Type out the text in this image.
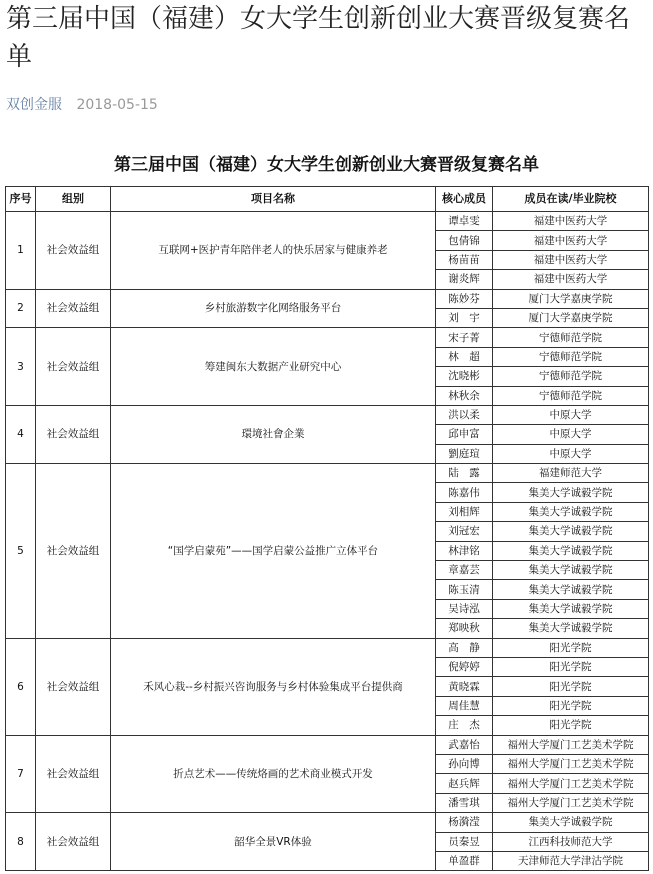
第三届中国（福建）女大学生创新创业大赛晋级复赛名单
双创金服 2018-05-15
第三届中国（福建）女大学生创新创业大赛晋级复赛名单
序号	组别	项目名称	核心成员	成员在读/毕业院校
1	社会效益组	互联网+医护青年陪伴老人的快乐居家与健康养老	谭卓雯	福建中医药大学
			包倩锦	福建中医药大学
			杨苗苗	福建中医药大学
			谢炎辉	福建中医药大学
2	社会效益组	乡村旅游数字化网络服务平台	陈妙芬	厦门大学嘉庚学院
			刘　宇	厦门大学嘉庚学院
3	社会效益组	筹建闽东大数据产业研究中心	宋子菁	宁德师范学院
			林　超	宁德师范学院
			沈晓彬	宁德师范学院
			林秋余	宁德师范学院
4	社会效益组	環境社會企業	洪以柔	中原大学
			邱申富	中原大学
			劉庭瑄	中原大学
5	社会效益组	“国学启蒙苑”——国学启蒙公益推广立体平台	陆　露	福建师范大学
			陈嘉伟	集美大学诚毅学院
			刘相辉	集美大学诚毅学院
			刘冠宏	集美大学诚毅学院
			林津铭	集美大学诚毅学院
			章嘉芸	集美大学诚毅学院
			陈玉清	集美大学诚毅学院
			吴诗泓	集美大学诚毅学院
			郑映秋	集美大学诚毅学院
6	社会效益组	禾风心栽--乡村振兴咨询服务与乡村体验集成平台提供商	高　静	阳光学院
			倪婷婷	阳光学院
			黄晓霖	阳光学院
			周佳慧	阳光学院
			庄　杰	阳光学院
7	社会效益组	折点艺术——传统烙画的艺术商业模式开发	武嘉怡	福州大学厦门工艺美术学院
			孙向博	福州大学厦门工艺美术学院
			赵兵辉	福州大学厦门工艺美术学院
			潘雪琪	福州大学厦门工艺美术学院
8	社会效益组	韶华全景VR体验	杨漪滢	集美大学诚毅学院
			员秦昱	江西科技师范大学
			单盈群	天津师范大学津沽学院
